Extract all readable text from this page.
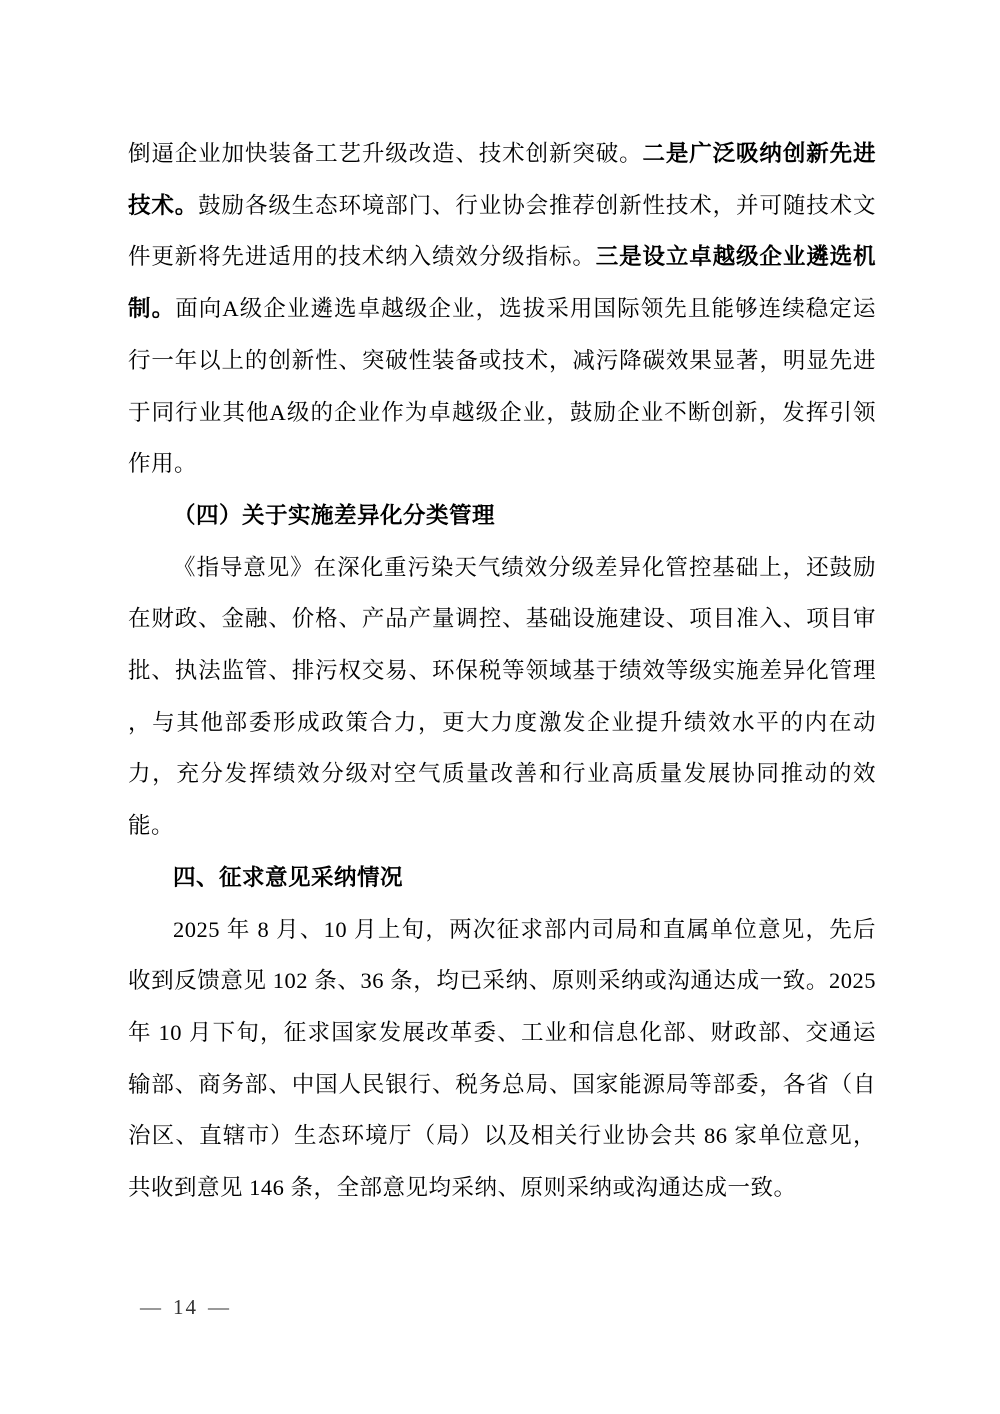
倒逼企业加快装备工艺升级改造、技术创新突破。二是广泛吸纳创新先进技术。鼓励各级生态环境部门、行业协会推荐创新性技术，并可随技术文件更新将先进适用的技术纳入绩效分级指标。三是设立卓越级企业遴选机制。面向A级企业遴选卓越级企业，选拔采用国际领先且能够连续稳定运行一年以上的创新性、突破性装备或技术，减污降碳效果显著，明显先进于同行业其他A级的企业作为卓越级企业，鼓励企业不断创新，发挥引领作用。

（四）关于实施差异化分类管理

《指导意见》在深化重污染天气绩效分级差异化管控基础上，还鼓励在财政、金融、价格、产品产量调控、基础设施建设、项目准入、项目审批、执法监管、排污权交易、环保税等领域基于绩效等级实施差异化管理 ，与其他部委形成政策合力，更大力度激发企业提升绩效水平的内在动力，充分发挥绩效分级对空气质量改善和行业高质量发展协同推动的效能。

四、征求意见采纳情况

2025 年 8 月、10 月上旬，两次征求部内司局和直属单位意见，先后收到反馈意见 102 条、36 条，均已采纳、原则采纳或沟通达成一致。2025 年 10 月下旬，征求国家发展改革委、工业和信息化部、财政部、交通运输部、商务部、中国人民银行、税务总局、国家能源局等部委，各省（自治区、直辖市）生态环境厅（局）以及相关行业协会共 86 家单位意见，共收到意见 146 条，全部意见均采纳、原则采纳或沟通达成一致。

— 14 —
